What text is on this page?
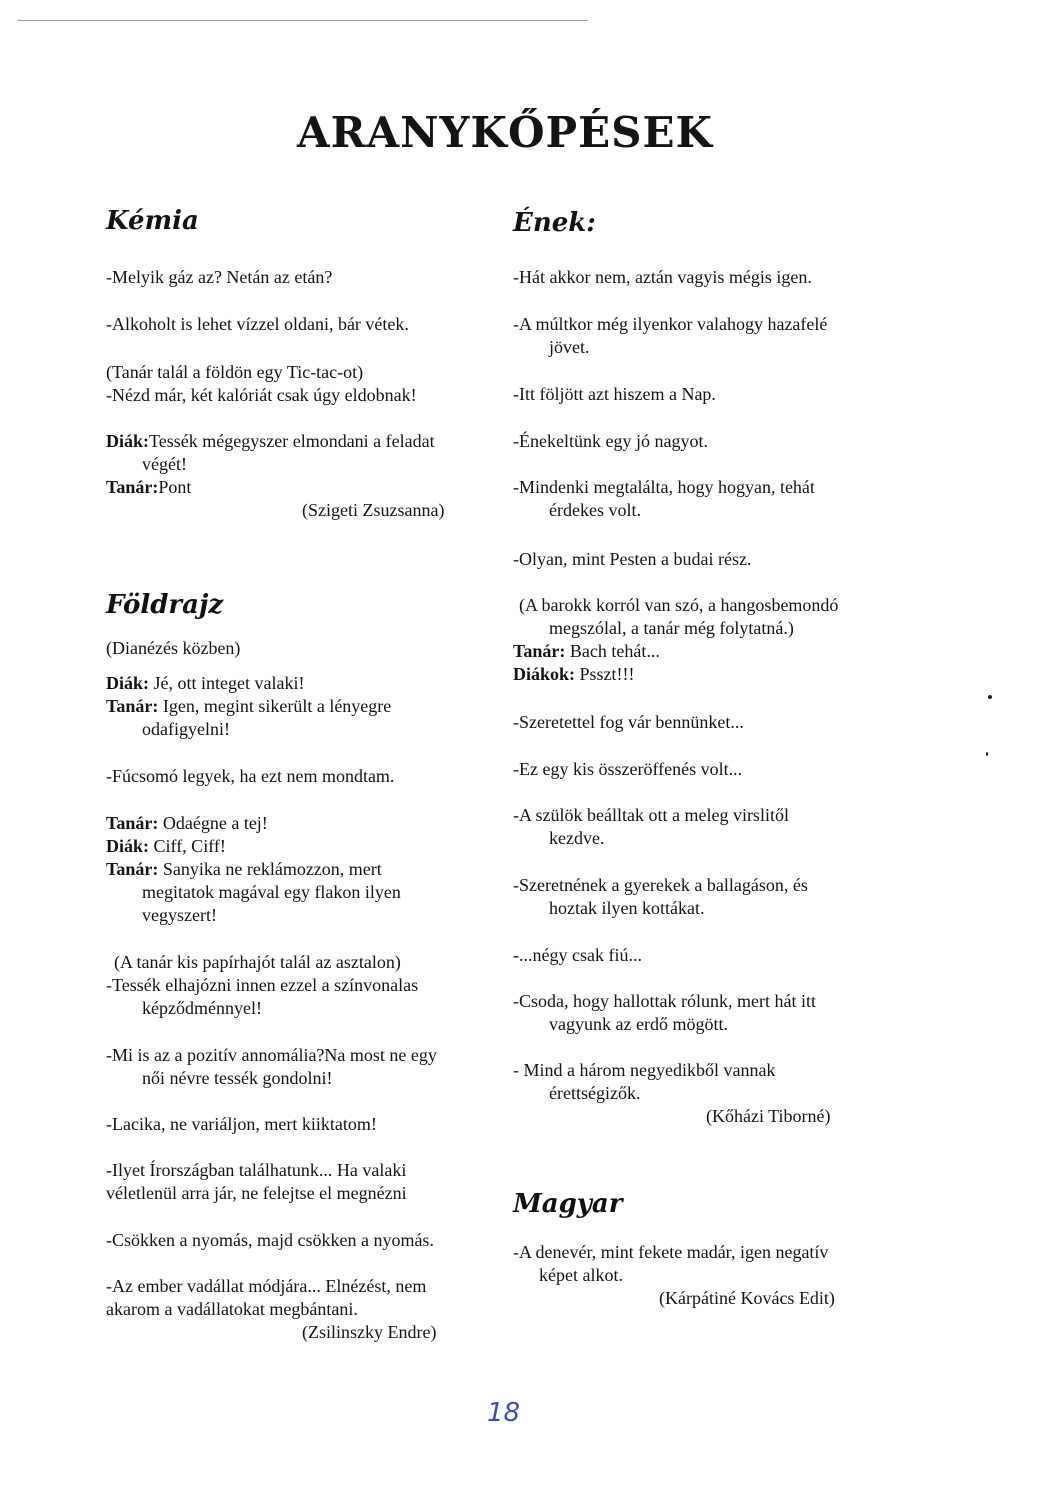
ARANYKŐPÉSEK
Kémia
-Melyik gáz az? Netán az etán?
-Alkoholt is lehet vízzel oldani, bár vétek.
(Tanár talál a földön egy Tic-tac-ot)
-Nézd már, két kalóriát csak úgy eldobnak!
Diák:Tessék mégegyszer elmondani a feladat
végét!
Tanár:Pont
(Szigeti Zsuzsanna)
Földrajz
(Dianézés közben)
Diák: Jé, ott integet valaki!
Tanár: Igen, megint sikerült a lényegre
odafigyelni!
-Fúcsomó legyek, ha ezt nem mondtam.
Tanár: Odaégne a tej!
Diák: Ciff, Ciff!
Tanár: Sanyika ne reklámozzon, mert
megitatok magával egy flakon ilyen
vegyszert!
(A tanár kis papírhajót talál az asztalon)
-Tessék elhajózni innen ezzel a színvonalas
képződménnyel!
-Mi is az a pozitív annomália?Na most ne egy
női névre tessék gondolni!
-Lacika, ne variáljon, mert kiiktatom!
-Ilyet Írországban találhatunk... Ha valaki
véletlenül arra jár, ne felejtse el megnézni
-Csökken a nyomás, majd csökken a nyomás.
-Az ember vadállat módjára... Elnézést, nem
akarom a vadállatokat megbántani.
(Zsilinszky Endre)
Ének:
-Hát akkor nem, aztán vagyis mégis igen.
-A múltkor még ilyenkor valahogy hazafelé
jövet.
-Itt följött azt hiszem a Nap.
-Énekeltünk egy jó nagyot.
-Mindenki megtalálta, hogy hogyan, tehát
érdekes volt.
-Olyan, mint Pesten a budai rész.
(A barokk korról van szó, a hangosbemondó
megszólal, a tanár még folytatná.)
Tanár: Bach tehát...
Diákok: Psszt!!!
-Szeretettel fog vár bennünket...
-Ez egy kis összeröffenés volt...
-A szülök beálltak ott a meleg virslitől
kezdve.
-Szeretnének a gyerekek a ballagáson, és
hoztak ilyen kottákat.
-...négy csak fiú...
-Csoda, hogy hallottak rólunk, mert hát itt
vagyunk az erdő mögött.
- Mind a három negyedikből vannak
érettségizők.
(Kőházi Tiborné)
Magyar
-A denevér, mint fekete madár, igen negatív
képet alkot.
(Kárpátiné Kovács Edit)
18
